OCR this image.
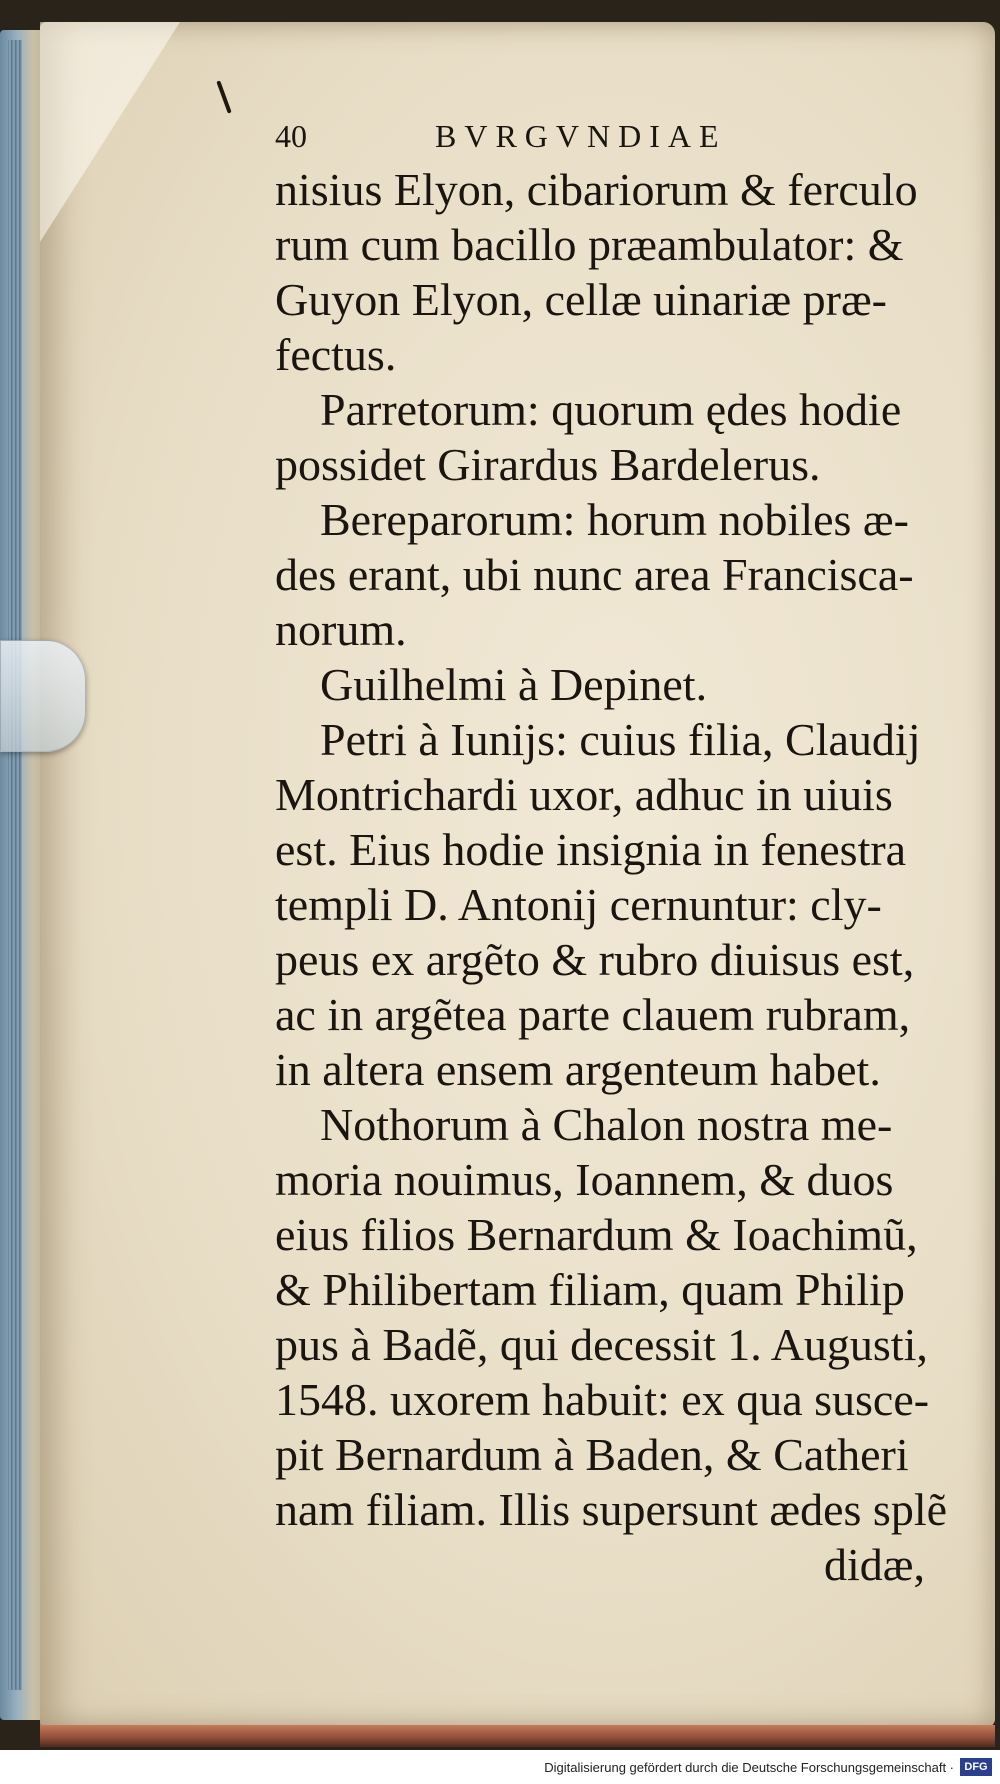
40	BVRGVNDIAE
nisius Elyon, cibariorum & ferculo
rum cum bacillo præambulator: &
Guyon Elyon, cellæ uinariæ præ-
fectus.
Parretorum: quorum ędes hodie
possidet Girardus Bardelerus.
Bereparorum: horum nobiles æ-
des erant, ubi nunc area Francisca-
norum.
Guilhelmi à Depinet.
Petri à Iunijs: cuius filia, Claudij
Montrichardi uxor, adhuc in uiuis
est. Eius hodie insignia in fenestra
templi D. Antonij cernuntur: cly-
peus ex argẽto & rubro diuisus est,
ac in argẽtea parte clauem rubram,
in altera ensem argenteum habet.
Nothorum à Chalon nostra me-
moria nouimus, Ioannem, & duos
eius filios Bernardum & Ioachimũ,
& Philibertam filiam, quam Philip
pus à Badẽ, qui decessit 1. Augusti,
1548. uxorem habuit: ex qua susce-
pit Bernardum à Baden, & Catheri
nam filiam. Illis supersunt ædes splẽ
didæ,
Digitalisierung gefördert durch die Deutsche Forschungsgemeinschaft · DFG
